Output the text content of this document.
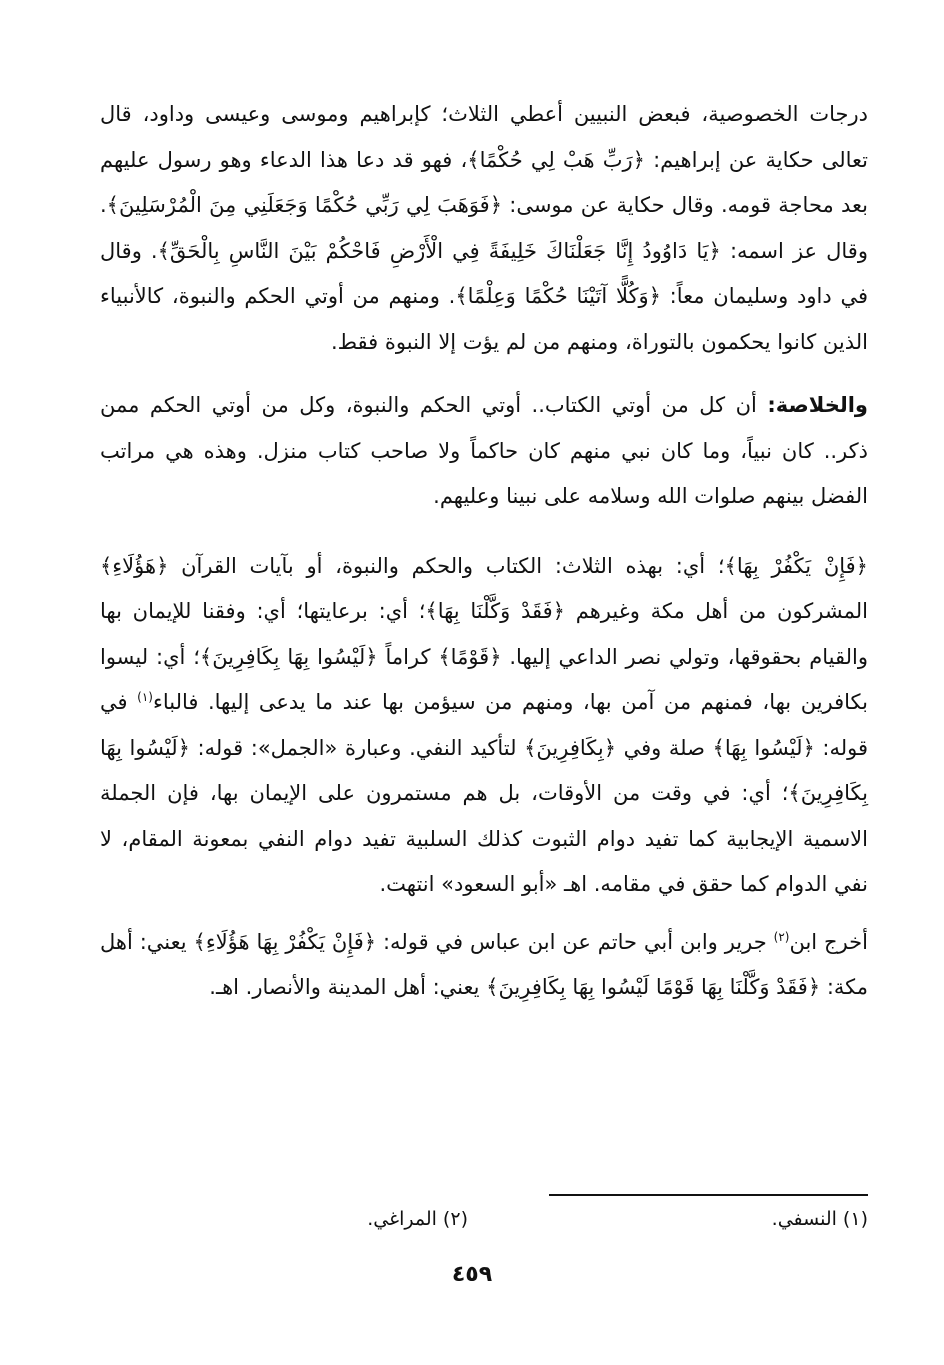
درجات الخصوصية، فبعض النبيين أعطي الثلاث؛ كإبراهيم وموسى وعيسى وداود، قال تعالى حكاية عن إبراهيم: ﴿رَبِّ هَبْ لِي حُكْمًا﴾، فهو قد دعا هذا الدعاء وهو رسول عليهم بعد محاجة قومه. وقال حكاية عن موسى: ﴿فَوَهَبَ لِي رَبِّي حُكْمًا وَجَعَلَنِي مِنَ الْمُرْسَلِينَ﴾. وقال عز اسمه: ﴿يَا دَاوُودُ إِنَّا جَعَلْنَاكَ خَلِيفَةً فِي الْأَرْضِ فَاحْكُمْ بَيْنَ النَّاسِ بِالْحَقِّ﴾. وقال في داود وسليمان معاً: ﴿وَكُلًّا آتَيْنَا حُكْمًا وَعِلْمًا﴾. ومنهم من أوتي الحكم والنبوة، كالأنبياء الذين كانوا يحكمون بالتوراة، ومنهم من لم يؤت إلا النبوة فقط.

والخلاصة: أن كل من أوتي الكتاب.. أوتي الحكم والنبوة، وكل من أوتي الحكم ممن ذكر.. كان نبياً، وما كان نبي منهم كان حاكماً ولا صاحب كتاب منزل. وهذه هي مراتب الفضل بينهم صلوات الله وسلامه على نبينا وعليهم.

﴿فَإِنْ يَكْفُرْ بِهَا﴾؛ أي: بهذه الثلاث: الكتاب والحكم والنبوة، أو بآيات القرآن ﴿هَؤُلَاءِ﴾ المشركون من أهل مكة وغيرهم ﴿فَقَدْ وَكَّلْنَا بِهَا﴾؛ أي: برعايتها؛ أي: وفقنا للإيمان بها والقيام بحقوقها، وتولي نصر الداعي إليها. ﴿قَوْمًا﴾ كراماً ﴿لَيْسُوا بِهَا بِكَافِرِينَ﴾؛ أي: ليسوا بكافرين بها، فمنهم من آمن بها، ومنهم من سيؤمن بها عند ما يدعى إليها. فالباء$^{(١)}$ في قوله: ﴿لَيْسُوا بِهَا﴾ صلة وفي ﴿بِكَافِرِينَ﴾ لتأكيد النفي. وعبارة «الجمل»: قوله: ﴿لَيْسُوا بِهَا بِكَافِرِينَ﴾؛ أي: في وقت من الأوقات، بل هم مستمرون على الإيمان بها، فإن الجملة الاسمية الإيجابية كما تفيد دوام الثبوت كذلك السلبية تفيد دوام النفي بمعونة المقام، لا نفي الدوام كما حقق في مقامه. اهـ «أبو السعود» انتهت.

أخرج ابن$^{(٢)}$ جرير وابن أبي حاتم عن ابن عباس في قوله: ﴿فَإِنْ يَكْفُرْ بِهَا هَؤُلَاءِ﴾ يعني: أهل مكة: ﴿فَقَدْ وَكَّلْنَا بِهَا قَوْمًا لَيْسُوا بِهَا بِكَافِرِينَ﴾ يعني: أهل المدينة والأنصار. اهـ.

(١) النسفي.
(٢) المراغي.
٤٥٩
